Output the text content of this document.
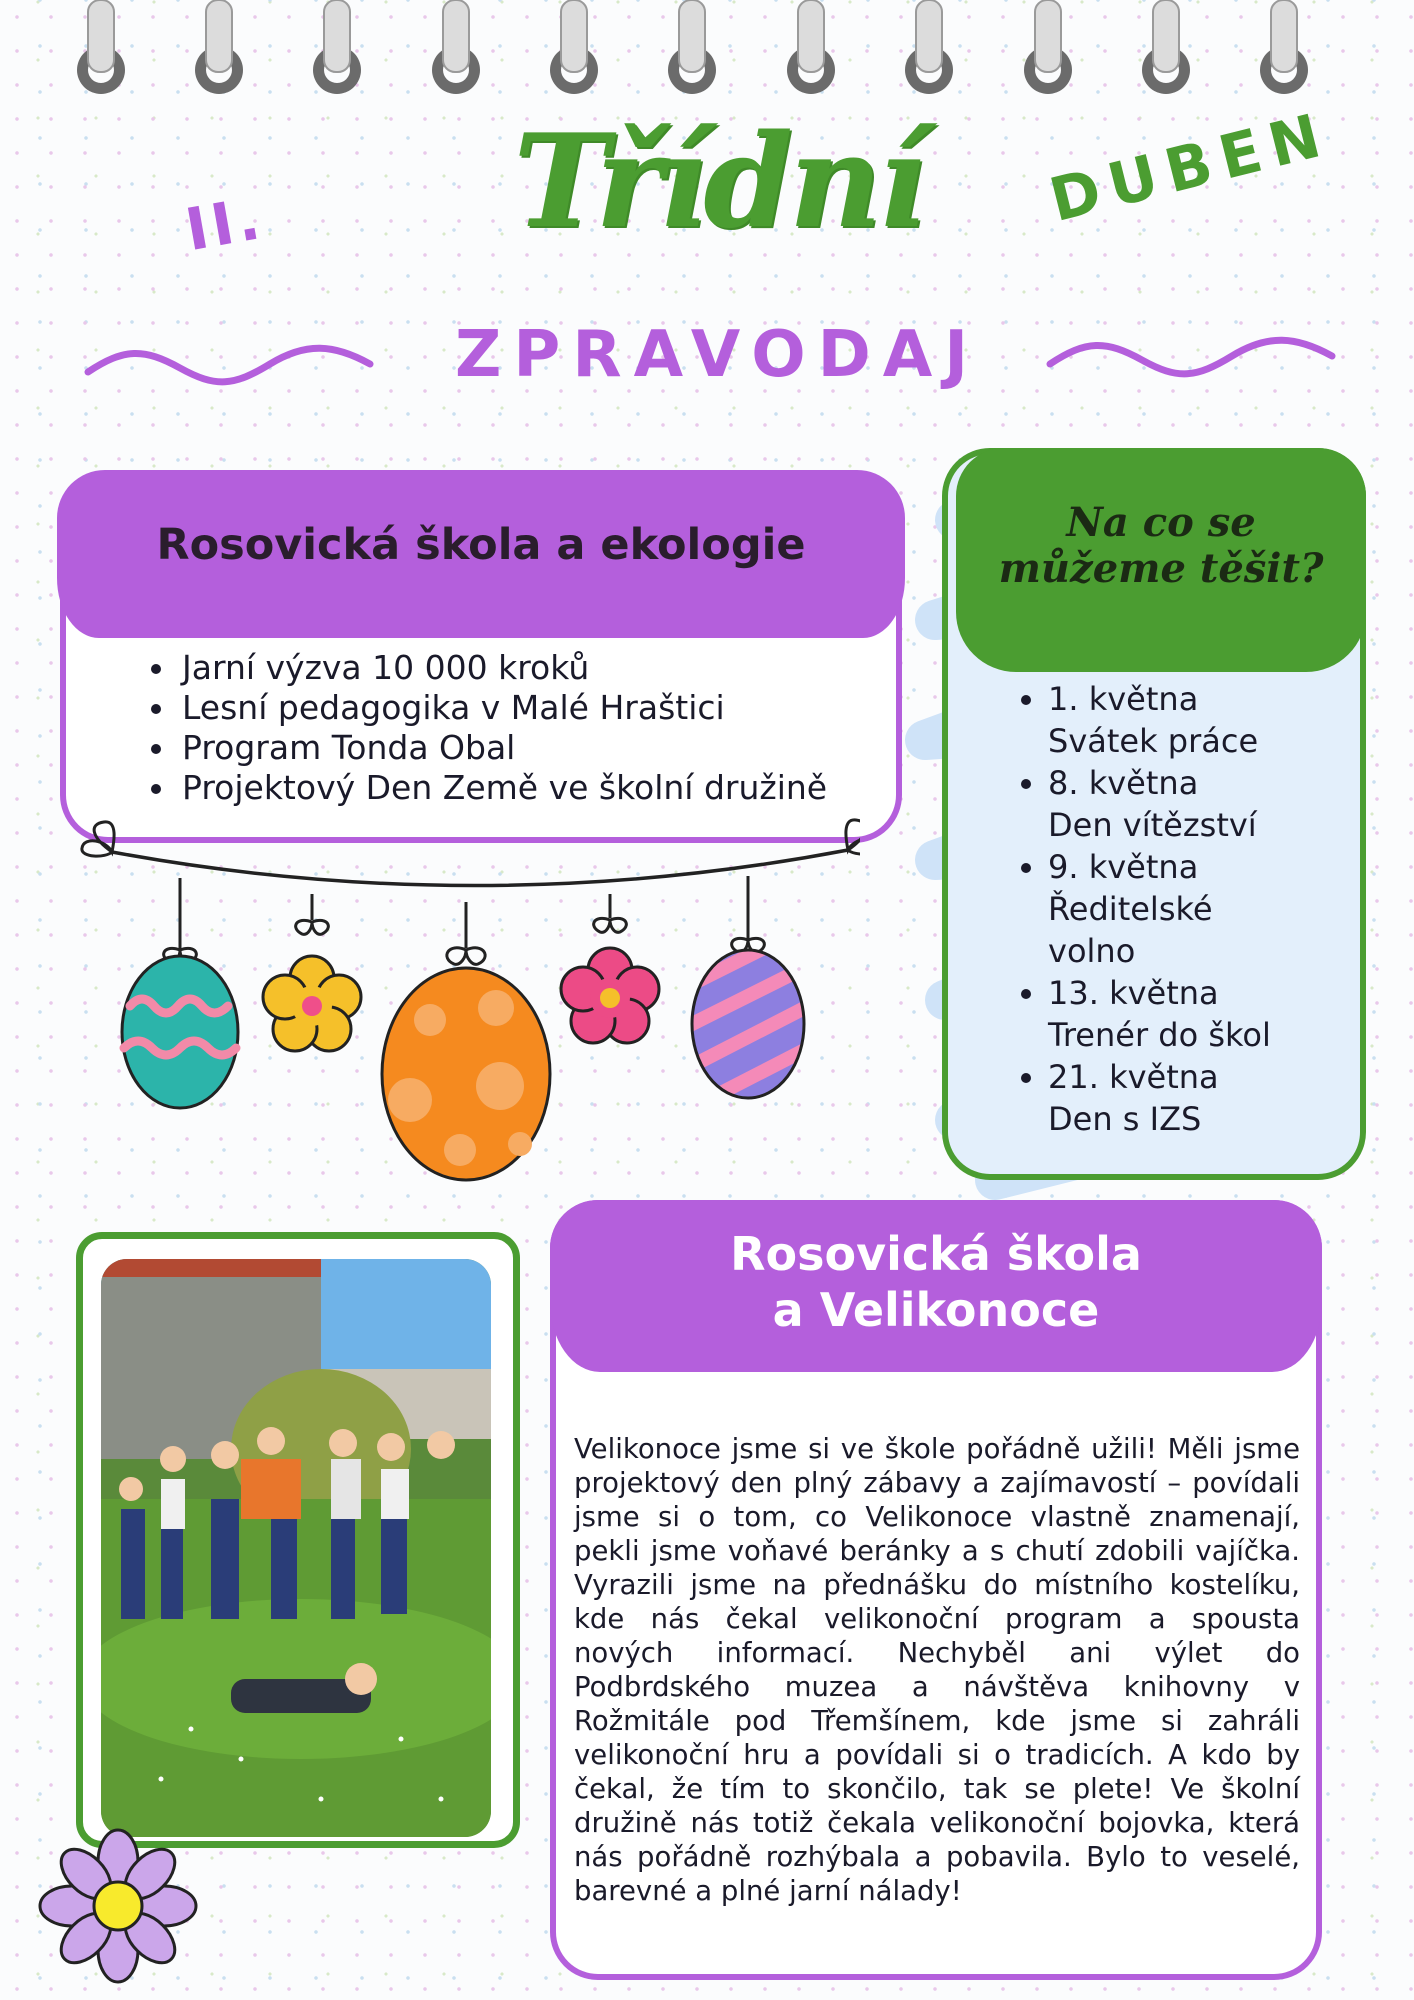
II. Třídní
ZPRAVODAJ
DUBEN
Rosovická škola a ekologie
• Jarní výzva 10 000 kroků
• Lesní pedagogika v Malé Hraštici
• Program Tonda Obal
• Projektový Den Země ve školní družině
Na co se
můžeme těšit?
• 1. května
Svátek práce
• 8. května
Den vítězství
• 9. května
Ředitelské volno
• 13. května
Trenér do škol
• 21. května
Den s IZS
Rosovická škola
a Velikonoce
Velikonoce jsme si ve škole pořádně užili! Měli jsme projektový den plný zábavy a zajímavostí – povídali jsme si o tom, co Velikonoce vlastně znamenají, pekli jsme voňavé beránky a s chutí zdobili vajíčka. Vyrazili jsme na přednášku do místního kostelíku, kde nás čekal velikonoční program a spousta nových informací. Nechyběl ani výlet do Podbrdského muzea a návštěva knihovny v Rožmitále pod Třemšínem, kde jsme si zahráli velikonoční hru a povídali si o tradicích. A kdo by čekal, že tím to skončilo, tak se plete! Ve školní družině nás totiž čekala velikonoční bojovka, která nás pořádně rozhýbala a pobavila. Bylo to veselé, barevné a plné jarní nálady!
